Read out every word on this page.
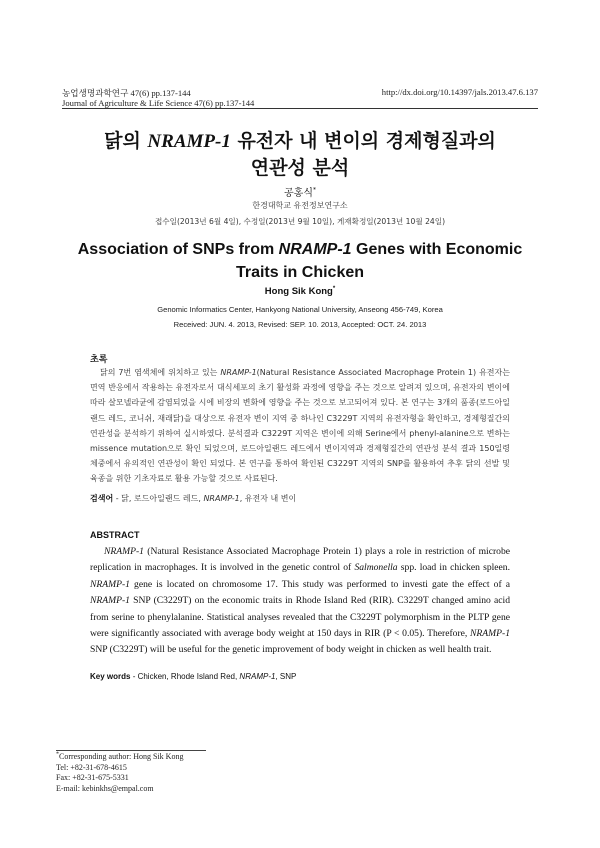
농업생명과학연구 47(6) pp.137-144	http://dx.doi.org/10.14397/jals.2013.47.6.137
Journal of Agriculture & Life Science 47(6) pp.137-144
닭의 NRAMP-1 유전자 내 변이의 경제형질과의
연관성 분석
공홍식*
한경대학교 유전정보연구소
접수일(2013년 6월 4일), 수정일(2013년 9월 10일), 게재확정일(2013년 10월 24일)
Association of SNPs from NRAMP-1 Genes with Economic
Traits in Chicken
Hong Sik Kong*
Genomic Informatics Center, Hankyong National University, Anseong 456-749, Korea
Received: JUN. 4. 2013, Revised: SEP. 10. 2013, Accepted: OCT. 24. 2013
초록
닭의 7번 염색체에 위치하고 있는 NRAMP-1(Natural Resistance Associated Macrophage Protein 1) 유전자는 면역 반응에서 작용하는 유전자로서 대식세포의 초기 활성화 과정에 영향을 주는 것으로 알려져 있으며, 유전자의 변이에 따라 살모넬라균에 감염되었을 시에 비장의 변화에 영향을 주는 것으로 보고되어져 있다. 본 연구는 3개의 품종(로드아일랜드 레드, 코니쉬, 재래닭)을 대상으로 유전자 변이 지역 중 하나인 C3229T 지역의 유전자형을 확인하고, 경제형질간의 연관성을 분석하기 위하여 실시하였다. 분석결과 C3229T 지역은 변이에 의해 Serine에서 phenyl-alanine으로 변하는 missence mutation으로 확인 되었으며, 로드아일랜드 레드에서 변이지역과 경제형질간의 연관성 분석 결과 150일령 체중에서 유의적인 연관성이 확인 되었다. 본 연구를 통하여 확인된 C3229T 지역의 SNP를 활용하여 추후 닭의 선발 및 육종을 위한 기초자료로 활용 가능할 것으로 사료된다.
검색어 - 닭, 로드아일랜드 레드, NRAMP-1, 유전자 내 변이
ABSTRACT
NRAMP-1 (Natural Resistance Associated Macrophage Protein 1) plays a role in restriction of microbe replication in macrophages. It is involved in the genetic control of Salmonella spp. load in chicken spleen. NRAMP-1 gene is located on chromosome 17. This study was performed to investi gate the effect of a NRAMP-1 SNP (C3229T) on the economic traits in Rhode Island Red (RIR). C3229T changed amino acid from serine to phenylalanine. Statistical analyses revealed that the C3229T polymorphism in the PLTP gene were significantly associated with average body weight at 150 days in RIR (P < 0.05). Therefore, NRAMP-1 SNP (C3229T) will be useful for the genetic improvement of body weight in chicken as well health trait.
Key words - Chicken, Rhode Island Red, NRAMP-1, SNP
*Corresponding author: Hong Sik Kong
Tel: +82-31-678-4615
Fax: +82-31-675-5331
E-mail: kebinkhs@empal.com
